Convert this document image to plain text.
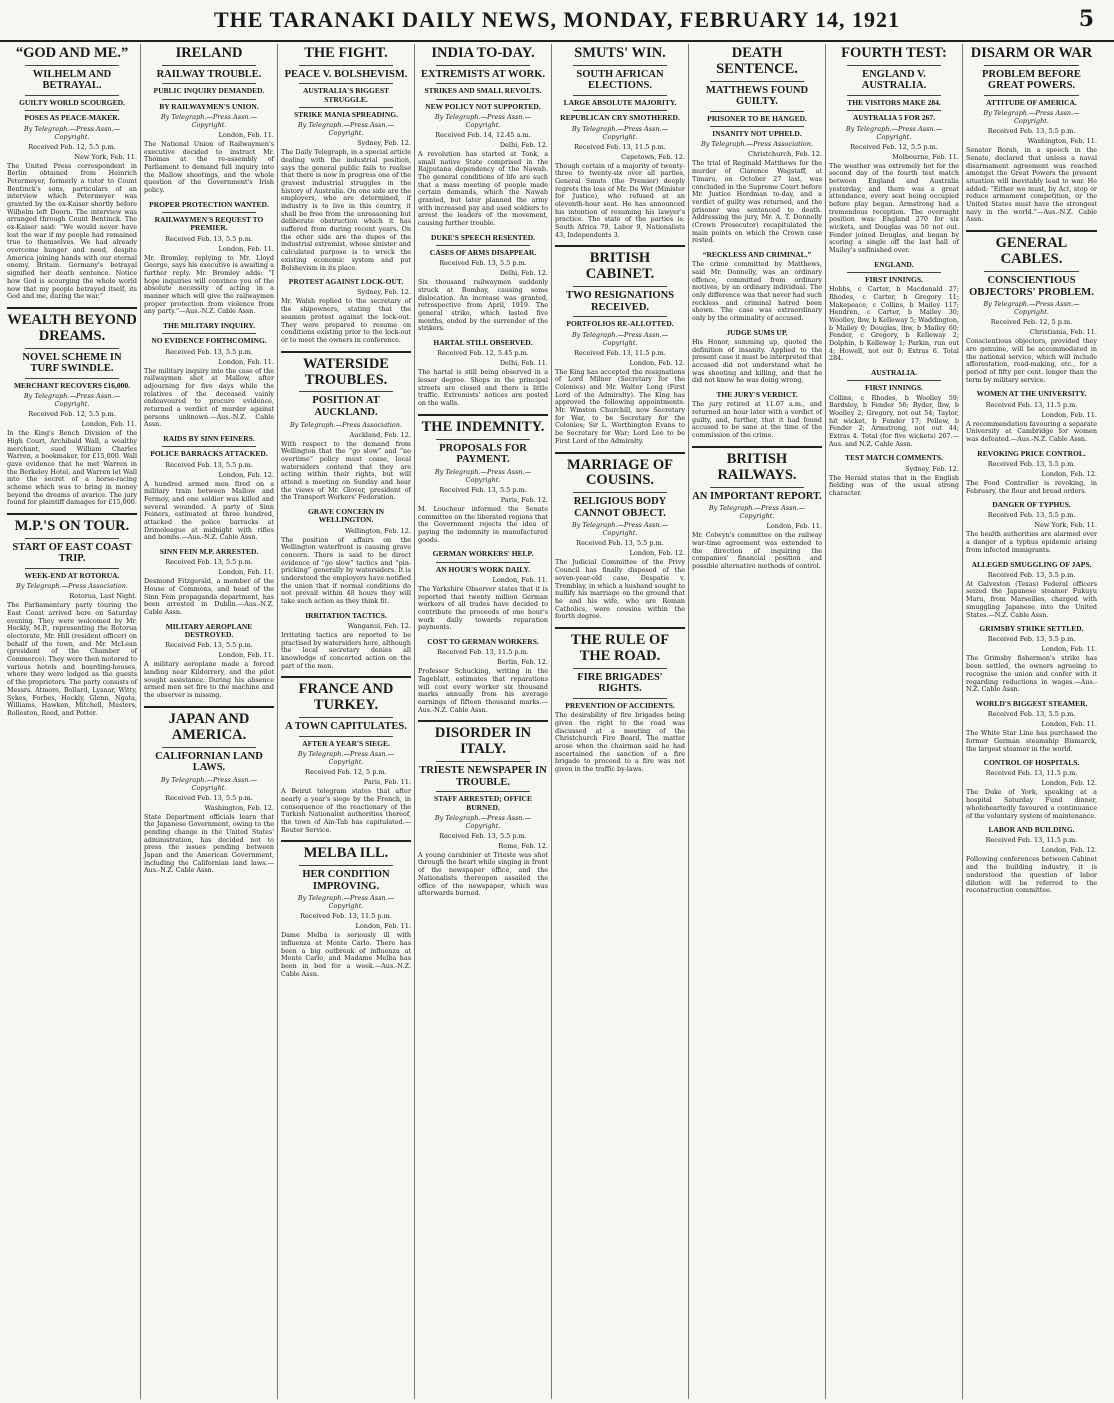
THE TARANAKI DAILY NEWS, MONDAY, FEBRUARY 14, 1921	5
“GOD AND ME.”
WILHELM AND BETRAYAL.
GUILTY WORLD SCOURGED.
POSES AS PEACE-MAKER.
By Telegraph.—Press Assn.—Copyright.
Received Feb. 12, 5.5 p.m.
New York, Feb. 11.

The United Press correspondent in Berlin obtained from Heinrich Petermeyer, formerly a tutor to Count Bentinck's sons, particulars of an interview which Petermeyer was granted by the ex-Kaiser shortly before Wilhelm left Doorn. The interview was arranged through Count Bentinck. The ex-Kaiser said: “We would never have lost the war if my people had remained true to themselves. We had already overcome hunger and need, despite America joining hands with our eternal enemy, Britain. Germany's betrayal signified her death sentence. Notice how God is scourging the whole world now that my people betrayed itself, its God and me, during the war.”

WEALTH BEYOND DREAMS.
NOVEL SCHEME IN TURF SWINDLE.
MERCHANT RECOVERS £16,000.
By Telegraph.—Press Assn.—Copyright.
Received Feb. 12, 5.5 p.m.
London, Feb. 11.

In the King's Bench Division of the High Court, Archibald Wall, a wealthy merchant, sued William Charles Warren, a bookmaker, for £15,000. Wall gave evidence that he met Warren in the Berkeley Hotel, and Warren let Wall into the secret of a horse-racing scheme which was to bring in money beyond the dreams of avarice. The jury found for plaintiff damages for £15,000.

M.P.'S ON TOUR.
START OF EAST COAST TRIP.
WEEK-END AT ROTORUA.
By Telegraph.—Press Association.
Rotorua, Last Night.

The Parliamentary party touring the East Coast arrived here on Saturday evening. They were welcomed by Mr. Hockly, M.P., representing the Rotorua electorate, Mr. Hill (resident officer) on behalf of the town, and Mr. McLean (president of the Chamber of Commerce). They were then motored to various hotels and boarding-houses, where they were lodged as the guests of the proprietors. The party consists of Messrs. Atmore, Bollard, Lysnar, Witty, Sykes, Forbes, Hockly, Glenn, Ngata, Williams, Hawken, Mitchell, Masters, Rolleston, Reed, and Potter.

IRELAND
RAILWAY TROUBLE.
PUBLIC INQUIRY DEMANDED.
BY RAILWAYMEN'S UNION.
By Telegraph.—Press Assn.—Copyright.
London, Feb. 11.

The National Union of Railwaymen's executive decided to instruct Mr. Thomas at the re-assembly of Parliament to demand full inquiry into the Mallow shootings, and the whole question of the Government's Irish policy.

PROPER PROTECTION WANTED.
RAILWAYMEN'S REQUEST TO PREMIER.
Received Feb. 13, 5.5 p.m.
London, Feb. 11.

Mr. Bromley, replying to Mr. Lloyd George, says his executive is awaiting a further reply. Mr. Bromley adds: “I hope inquiries will convince you of the absolute necessity of acting in a manner which will give the railwaymen proper protection from violence from any party.”—Aus.-N.Z. Cable Assn.

THE MILITARY INQUIRY.
NO EVIDENCE FORTHCOMING.
Received Feb. 13, 5.5 p.m.
London, Feb. 11.

The military inquiry into the case of the railwaymen shot at Mallow, after adjourning for five days while the relatives of the deceased vainly endeavoured to procure evidence, returned a verdict of murder against persons unknown.—Aus.-N.Z. Cable Assn.

RAIDS BY SINN FEINERS.
POLICE BARRACKS ATTACKED.
Received Feb. 13, 5.5 p.m.
London, Feb. 12.

A hundred armed men fired on a military train between Mallow and Fermoy, and one soldier was killed and several wounded. A party of Sinn Feiners, estimated at three hundred, attacked the police barracks at Drimoleague at midnight with rifles and bombs.—Aus.-N.Z. Cable Assn.

SINN FEIN M.P. ARRESTED.
Received Feb. 13, 5.5 p.m.
London, Feb. 11.

Desmond Fitzgerald, a member of the House of Commons, and head of the Sinn Fein propaganda department, has been arrested in Dublin.—Aus.-N.Z. Cable Assn.

MILITARY AEROPLANE DESTROYED.
Received Feb. 13, 5.5 p.m.
London, Feb. 11.

A military aeroplane made a forced landing near Kildorrery, and the pilot sought assistance. During his absence armed men set fire to the machine and the observer is missing.

JAPAN AND AMERICA.
CALIFORNIAN LAND LAWS.
By Telegraph.—Press Assn.—Copyright.
Received Feb. 13, 5.5 p.m.
Washington, Feb. 12.

State Department officials learn that the Japanese Government, owing to the pending change in the United States' administration, has decided not to press the issues pending between Japan and the American Government, including the Californian land laws.—Aus.-N.Z. Cable Assn.

THE FIGHT.
PEACE V. BOLSHEVISM.
AUSTRALIA'S BIGGEST STRUGGLE.
STRIKE MANIA SPREADING.
By Telegraph.—Press Assn.—Copyright.
Sydney, Feb. 12.

The Daily Telegraph, in a special article dealing with the industrial position, says the general public fails to realise that there is now in progress one of the gravest industrial struggles in the history of Australia. On one side are the employers, who are determined, if industry is to live in this country, it shall be free from the unreasoning but deliberate obstruction which it has suffered from during recent years. On the other side are the dupes of the industrial extremist, whose sinister and calculated purpose is to wreck the existing economic system and put Bolshevism in its place.

PROTEST AGAINST LOCK-OUT.
Sydney, Feb. 12.

Mr. Walsh replied to the secretary of the shipowners, stating that the seamen protest against the lock-out. They were prepared to resume on conditions existing prior to the lock-out or to meet the owners in conference.

WATERSIDE TROUBLES.
POSITION AT AUCKLAND.
By Telegraph.—Press Association.
Auckland, Feb. 12.

With respect to the demand from Wellington that the “go slow” and “no overtime” policy must cease, local watersiders contend that they are acting within their rights, but will attend a meeting on Sunday and hear the views of Mr. Glover, president of the Transport Workers' Federation.

GRAVE CONCERN IN WELLINGTON.
Wellington, Feb. 12.

The position of affairs on the Wellington waterfront is causing grave concern. There is said to be direct evidence of “go slow” tactics and “pin-pricking” generally by watersiders. It is understood the employers have notified the union that if normal conditions do not prevail within 48 hours they will take such action as they think fit.

IRRITATION TACTICS.
Wanganui, Feb. 12.

Irritating tactics are reported to be practised by watersiders here, although the local secretary denies all knowledge of concerted action on the part of the men.

FRANCE AND TURKEY.
A TOWN CAPITULATES.
AFTER A YEAR'S SIEGE.
By Telegraph.—Press Assn.—Copyright.
Received Feb. 12, 5 p.m.
Paris, Feb. 11.

A Beirut telegram states that after nearly a year's siege by the French, in consequence of the reactionary of the Turkish Nationalist authorities thereof, the town of Ain-Tab has capitulated.—Reuter Service.

MELBA ILL.
HER CONDITION IMPROVING.
By Telegraph.—Press Assn.—Copyright.
Received Feb. 13, 11.5 p.m.
London, Feb. 11.

Dame Melba is seriously ill with influenza at Monte Carlo. There has been a big outbreak of influenza at Monte Carlo, and Madame Melba has been in bed for a week.—Aus.-N.Z. Cable Assn.

INDIA TO-DAY.
EXTREMISTS AT WORK.
STRIKES AND SMALL REVOLTS.
NEW POLICY NOT SUPPORTED.
By Telegraph.—Press Assn.—Copyright.
Received Feb. 14, 12.45 a.m.
Delhi, Feb. 12.

A revolution has started at Tonk, a small native State comprised in the Rajputana dependency of the Nawab. The general conditions of life are such that a mass meeting of people made certain demands, which the Nawab granted, but later planned the army with increased pay and used soldiers to arrest the leaders of the movement, causing further trouble.

DUKE'S SPEECH RESENTED.
CASES OF ARMS DISAPPEAR.
Received Feb. 13, 5.5 p.m.
Delhi, Feb. 12.

Six thousand railwaymen suddenly struck at Bombay, causing some dislocation. An increase was granted, retrospective from April, 1919. The general strike, which lasted five months, ended by the surrender of the strikers.

HARTAL STILL OBSERVED.
Received Feb. 12, 5.45 p.m.
Delhi, Feb. 11.

The hartal is still being observed in a lesser degree. Shops in the principal streets are closed and there is little traffic. Extremists' notices are posted on the walls.

THE INDEMNITY.
PROPOSALS FOR PAYMENT.
By Telegraph.—Press Assn.—Copyright.
Received Feb. 13, 5.5 p.m.
Paris, Feb. 12.

M. Loucheur informed the Senate committee on the liberated regions that the Government rejects the idea of paying the indemnity in manufactured goods.

GERMAN WORKERS' HELP.
AN HOUR'S WORK DAILY.
London, Feb. 11.

The Yorkshire Observer states that it is reported that twenty million German workers of all trades have decided to contribute the proceeds of one hour's work daily towards reparation payments.

COST TO GERMAN WORKERS.
Received Feb. 13, 11.5 p.m.
Berlin, Feb. 12.

Professor Schucking, writing in the Tageblatt, estimates that reparations will cost every worker six thousand marks annually from his average earnings of fifteen thousand marks.—Aus.-N.Z. Cable Assn.

DISORDER IN ITALY.
TRIESTE NEWSPAPER IN TROUBLE.
STAFF ARRESTED; OFFICE BURNED.
By Telegraph.—Press Assn.—Copyright.
Received Feb. 13, 5.5 p.m.
Rome, Feb. 12.

A young carabinier at Trieste was shot through the heart while singing in front of the newspaper office, and the Nationalists thereupon assailed the office of the newspaper, which was afterwards burned.

SMUTS' WIN.
SOUTH AFRICAN ELECTIONS.
LARGE ABSOLUTE MAJORITY.
REPUBLICAN CRY SMOTHERED.
By Telegraph.—Press Assn.—Copyright.
Received Feb. 13, 11.5 p.m.
Capetown, Feb. 12.

Though certain of a majority of twenty-three to twenty-six over all parties, General Smuts (the Premier) deeply regrets the loss of Mr. De Wet (Minister for Justice), who refused at an eleventh-hour seat. He has announced his intention of resuming his lawyer's practice. The state of the parties is: South Africa 79, Labor 9, Nationalists 43, Independents 3.

BRITISH CABINET.
TWO RESIGNATIONS RECEIVED.
PORTFOLIOS RE-ALLOTTED.
By Telegraph.—Press Assn.—Copyright.
Received Feb. 13, 11.5 p.m.
London, Feb. 12.

The King has accepted the resignations of Lord Milner (Secretary for the Colonies) and Mr. Walter Long (First Lord of the Admiralty). The King has approved the following appointments: Mr. Winston Churchill, now Secretary for War, to be Secretary for the Colonies; Sir L. Worthington Evans to be Secretary for War; Lord Lee to be First Lord of the Admiralty.

MARRIAGE OF COUSINS.
RELIGIOUS BODY CANNOT OBJECT.
By Telegraph.—Press Assn.—Copyright.
Received Feb. 13, 5.5 p.m.
London, Feb. 12.

The Judicial Committee of the Privy Council has finally disposed of the seven-year-old case, Despatie v. Tremblay, in which a husband sought to nullify his marriage on the ground that he and his wife, who are Roman Catholics, were cousins within the fourth degree.

THE RULE OF THE ROAD.
FIRE BRIGADES' RIGHTS.
PREVENTION OF ACCIDENTS.

The desirability of fire brigades being given the right to the road was discussed at a meeting of the Christchurch Fire Board. The matter arose when the chairman said he had ascertained the sanction of a fire brigade to proceed to a fire was not given in the traffic by-laws.

DEATH SENTENCE.
MATTHEWS FOUND GUILTY.
PRISONER TO BE HANGED.
INSANITY NOT UPHELD.
By Telegraph.—Press Association.
Christchurch, Feb. 12.

The trial of Reginald Matthews for the murder of Clarence Wagstaff, at Timaru, on October 27 last, was concluded in the Supreme Court before Mr. Justice Herdman to-day, and a verdict of guilty was returned, and the prisoner was sentenced to death. Addressing the jury, Mr. A. T. Donnelly (Crown Prosecutor) recapitulated the main points on which the Crown case rested.

“RECKLESS AND CRIMINAL.”

The crime committed by Matthews, said Mr. Donnelly, was an ordinary offence, committed from ordinary motives, by an ordinary individual. The only difference was that never had such reckless and criminal hatred been shown. The case was extraordinary only by the criminality of accused.

JUDGE SUMS UP.

His Honor, summing up, quoted the definition of insanity. Applied to the present case it must be interpreted that accused did not understand what he was shooting and killing, and that he did not know he was doing wrong.

THE JURY'S VERDICT.

The jury retired at 11.07 a.m., and returned an hour later with a verdict of guilty, and, further, that it had found accused to be sane at the time of the commission of the crime.

BRITISH RAILWAYS.
AN IMPORTANT REPORT.
By Telegraph.—Press Assn.—Copyright.
London, Feb. 11.

Mr. Colwyn's committee on the railway war-time agreement was extended to the direction of inquiring the companies' financial position and possible alternative methods of control.

FOURTH TEST:
ENGLAND V. AUSTRALIA.
THE VISITORS MAKE 284.
AUSTRALIA 5 FOR 267.
By Telegraph.—Press Assn.—Copyright.
Received Feb. 12, 5.5 p.m.
Melbourne, Feb. 11.

The weather was extremely hot for the second day of the fourth test match between England and Australia yesterday, and there was a great attendance, every seat being occupied before play began. Armstrong had a tremendous reception. The overnight position was: England 270 for six wickets, and Douglas was 50 not out. Fender joined Douglas, and began by scoring a single off the last ball of Mailey's unfinished over.

ENGLAND.
FIRST INNINGS.

Hobbs, c Carter, b Macdonald 27; Rhodes, c Carter, b Gregory 11; Makepeace, c Collins, b Mailey 117; Hendren, c Carter, b Mailey 30; Woolley, lbw, b Kelleway 5; Waddington, b Mailey 0; Douglas, lbw, b Mailey 60; Fender, c Gregory, b Kelleway 2; Dolphin, b Kelleway 1; Parkin, run out 4; Howell, not out 0; Extras 6. Total 284.

AUSTRALIA.
FIRST INNINGS.

Collins, c Rhodes, b Woolley 59; Bardsley, b Fender 56; Ryder, lbw, b Woolley 2; Gregory, not out 54; Taylor, hit wicket, b Fender 17; Pellew, b Fender 2; Armstrong, not out 44; Extras 4. Total (for five wickets) 267.—Aus. and N.Z. Cable Assn.

TEST MATCH COMMENTS.
Sydney, Feb. 12.

The Herald states that in the English fielding was of the usual strong character.

DISARM OR WAR
PROBLEM BEFORE GREAT POWERS.
ATTITUDE OF AMERICA.
By Telegraph.—Press Assn.—Copyright.
Received Feb. 13, 5.5 p.m.
Washington, Feb. 11.

Senator Borah, in a speech in the Senate, declared that unless a naval disarmament agreement was reached amongst the Great Powers the present situation will inevitably lead to war. He added: “Either we must, by Act, stop or reduce armament competition, or the United States must have the strongest navy in the world.”—Aus.-N.Z. Cable Assn.

GENERAL CABLES.
CONSCIENTIOUS OBJECTORS' PROBLEM.
By Telegraph.—Press Assn.—Copyright.
Received Feb. 12, 5 p.m.
Christiania, Feb. 11.

Conscientious objectors, provided they are genuine, will be accommodated in the national service, which will include afforestation, road-making, etc., for a period of fifty per cent. longer than the term by military service.

WOMEN AT THE UNIVERSITY.
Received Feb. 13, 11.5 p.m.
London, Feb. 11.

A recommendation favouring a separate University at Cambridge for women was defeated.—Aus.-N.Z. Cable Assn.

REVOKING PRICE CONTROL.
Received Feb. 13, 5.5 p.m.
London, Feb. 12.

The Food Controller is revoking, in February, the flour and bread orders.

DANGER OF TYPHUS.
Received Feb. 13, 5.5 p.m.
New York, Feb. 11.

The health authorities are alarmed over a danger of a typhus epidemic arising from infected immigrants.

ALLEGED SMUGGLING OF JAPS.
Received Feb. 13, 5.5 p.m.

At Galveston (Texas) Federal officers seized the Japanese steamer Fukuyu Maru, from Marseilles, charged with smuggling Japanese into the United States.—N.Z. Cable Assn.

GRIMSBY STRIKE SETTLED.
Received Feb. 13, 5.5 p.m.
London, Feb. 11.

The Grimsby fishermen's strike has been settled, the owners agreeing to recognise the union and confer with it regarding reductions in wages.—Aus.-N.Z. Cable Assn.

WORLD'S BIGGEST STEAMER.
Received Feb. 13, 5.5 p.m.
London, Feb. 11.

The White Star Line has purchased the former German steamship Bismarck, the largest steamer in the world.

CONTROL OF HOSPITALS.
Received Feb. 13, 11.5 p.m.
London, Feb. 12.

The Duke of York, speaking at a hospital Saturday Fund dinner, wholeheartedly favoured a continuance of the voluntary system of maintenance.

LABOR AND BUILDING.
Received Feb. 13, 11.5 p.m.
London, Feb. 12.

Following conferences between Cabinet and the building industry, it is understood the question of labor dilution will be referred to the reconstruction committee.
